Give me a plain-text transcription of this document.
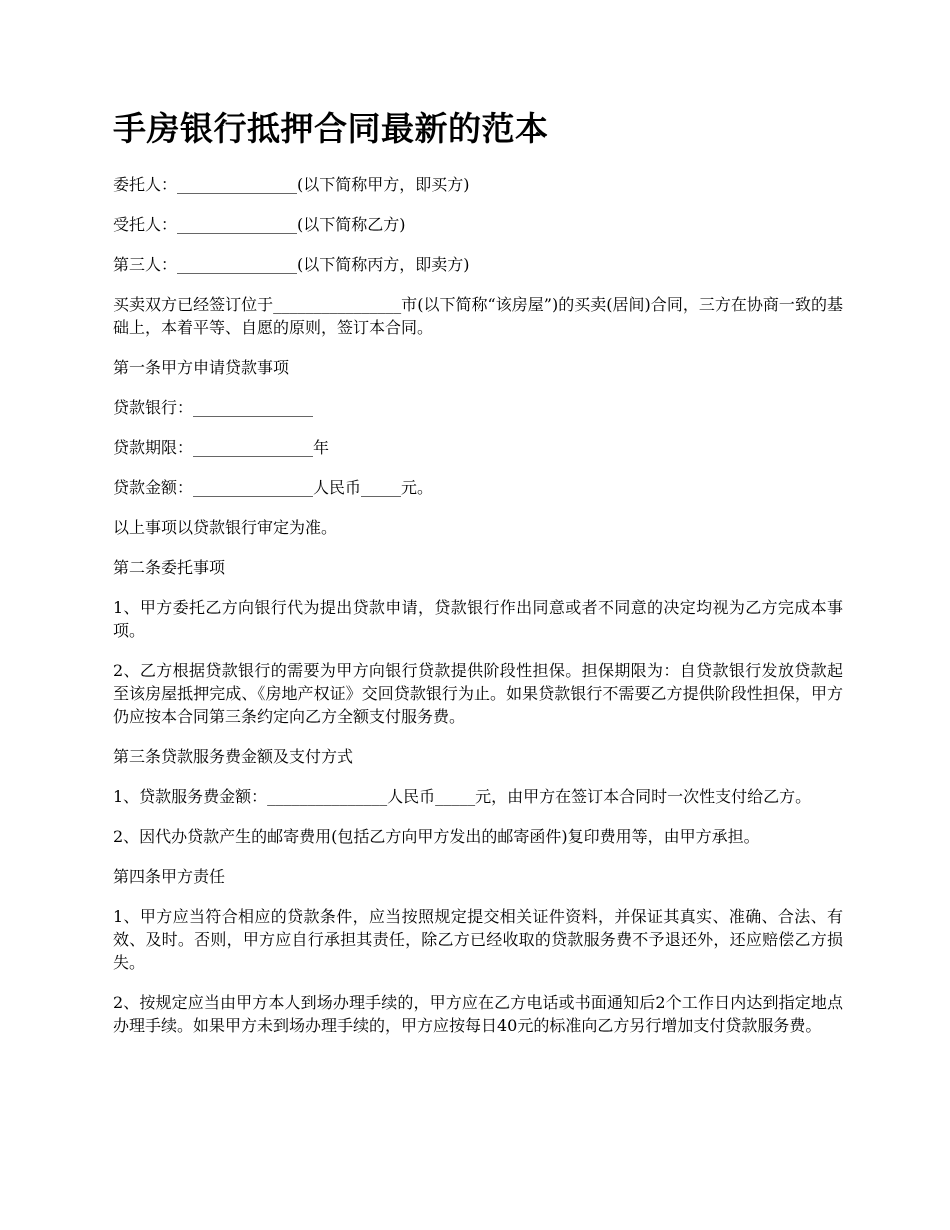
手房银行抵押合同最新的范本

委托人：_______________(以下简称甲方，即买方)

受托人：_______________(以下简称乙方)

第三人：_______________(以下简称丙方，即卖方)

买卖双方已经签订位于________________市(以下简称“该房屋”)的买卖(居间)合同，三方在协商一致的基础上，本着平等、自愿的原则，签订本合同。

第一条甲方申请贷款事项

贷款银行：_______________

贷款期限：_______________年

贷款金额：_______________人民币_____元。

以上事项以贷款银行审定为准。

第二条委托事项

1、甲方委托乙方向银行代为提出贷款申请，贷款银行作出同意或者不同意的决定均视为乙方完成本事项。

2、乙方根据贷款银行的需要为甲方向银行贷款提供阶段性担保。担保期限为：自贷款银行发放贷款起至该房屋抵押完成、《房地产权证》交回贷款银行为止。如果贷款银行不需要乙方提供阶段性担保，甲方仍应按本合同第三条约定向乙方全额支付服务费。

第三条贷款服务费金额及支付方式

1、贷款服务费金额：_______________人民币_____元，由甲方在签订本合同时一次性支付给乙方。

2、因代办贷款产生的邮寄费用(包括乙方向甲方发出的邮寄函件)复印费用等，由甲方承担。

第四条甲方责任

1、甲方应当符合相应的贷款条件，应当按照规定提交相关证件资料，并保证其真实、准确、合法、有效、及时。否则，甲方应自行承担其责任，除乙方已经收取的贷款服务费不予退还外，还应赔偿乙方损失。

2、按规定应当由甲方本人到场办理手续的，甲方应在乙方电话或书面通知后2个工作日内达到指定地点办理手续。如果甲方未到场办理手续的，甲方应按每日40元的标准向乙方另行增加支付贷款服务费。
